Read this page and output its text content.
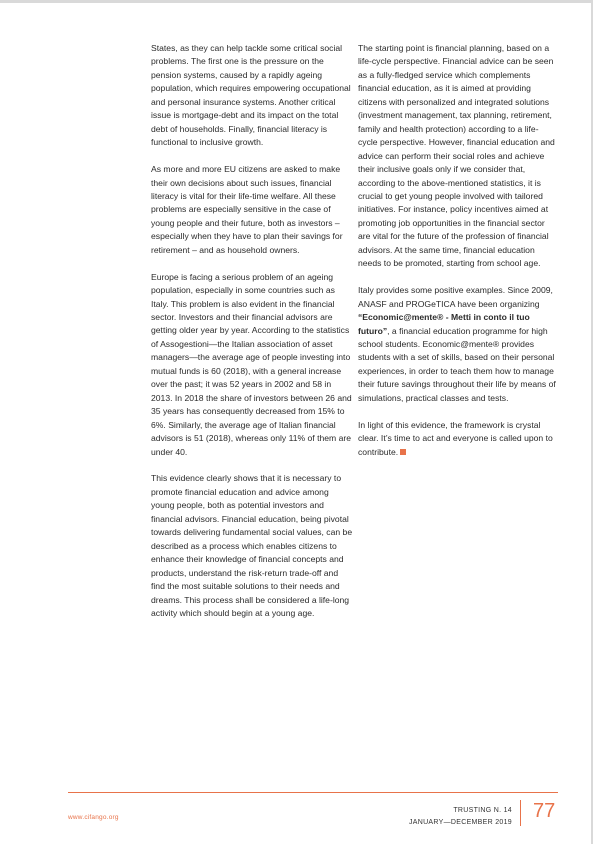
States, as they can help tackle some critical social problems. The first one is the pressure on the pension systems, caused by a rapidly ageing population, which requires empowering occupational and personal insurance systems. Another critical issue is mortgage-debt and its impact on the total debt of households. Finally, financial literacy is functional to inclusive growth.

As more and more EU citizens are asked to make their own decisions about such issues, financial literacy is vital for their life-time welfare. All these problems are especially sensitive in the case of young people and their future, both as investors – especially when they have to plan their savings for retirement – and as household owners.

Europe is facing a serious problem of an ageing population, especially in some countries such as Italy. This problem is also evident in the financial sector. Investors and their financial advisors are getting older year by year. According to the statistics of Assogestioni—the Italian association of asset managers—the average age of people investing into mutual funds is 60 (2018), with a general increase over the past; it was 52 years in 2002 and 58 in 2013. In 2018 the share of investors between 26 and 35 years has consequently decreased from 15% to 6%. Similarly, the average age of Italian financial advisors is 51 (2018), whereas only 11% of them are under 40.

This evidence clearly shows that it is necessary to promote financial education and advice among young people, both as potential investors and financial advisors. Financial education, being pivotal towards delivering fundamental social values, can be described as a process which enables citizens to enhance their knowledge of financial concepts and products, understand the risk-return trade-off and find the most suitable solutions to their needs and dreams. This process shall be considered a life-long activity which should begin at a young age.

The starting point is financial planning, based on a life-cycle perspective. Financial advice can be seen as a fully-fledged service which complements financial education, as it is aimed at providing citizens with personalized and integrated solutions (investment management, tax planning, retirement, family and health protection) according to a life-cycle perspective. However, financial education and advice can perform their social roles and achieve their inclusive goals only if we consider that, according to the above-mentioned statistics, it is crucial to get young people involved with tailored initiatives. For instance, policy incentives aimed at promoting job opportunities in the financial sector are vital for the future of the profession of financial advisors. At the same time, financial education needs to be promoted, starting from school age.

Italy provides some positive examples. Since 2009, ANASF and PROGeTICA have been organizing “Economic@mente® - Metti in conto il tuo futuro”, a financial education programme for high school students. Economic@mente® provides students with a set of skills, based on their personal experiences, in order to teach them how to manage their future savings throughout their life by means of simulations, practical classes and tests.

In light of this evidence, the framework is crystal clear. It’s time to act and everyone is called upon to contribute.

www.cifango.org
TRUSTING N. 14
JANUARY—DECEMBER 2019
77
